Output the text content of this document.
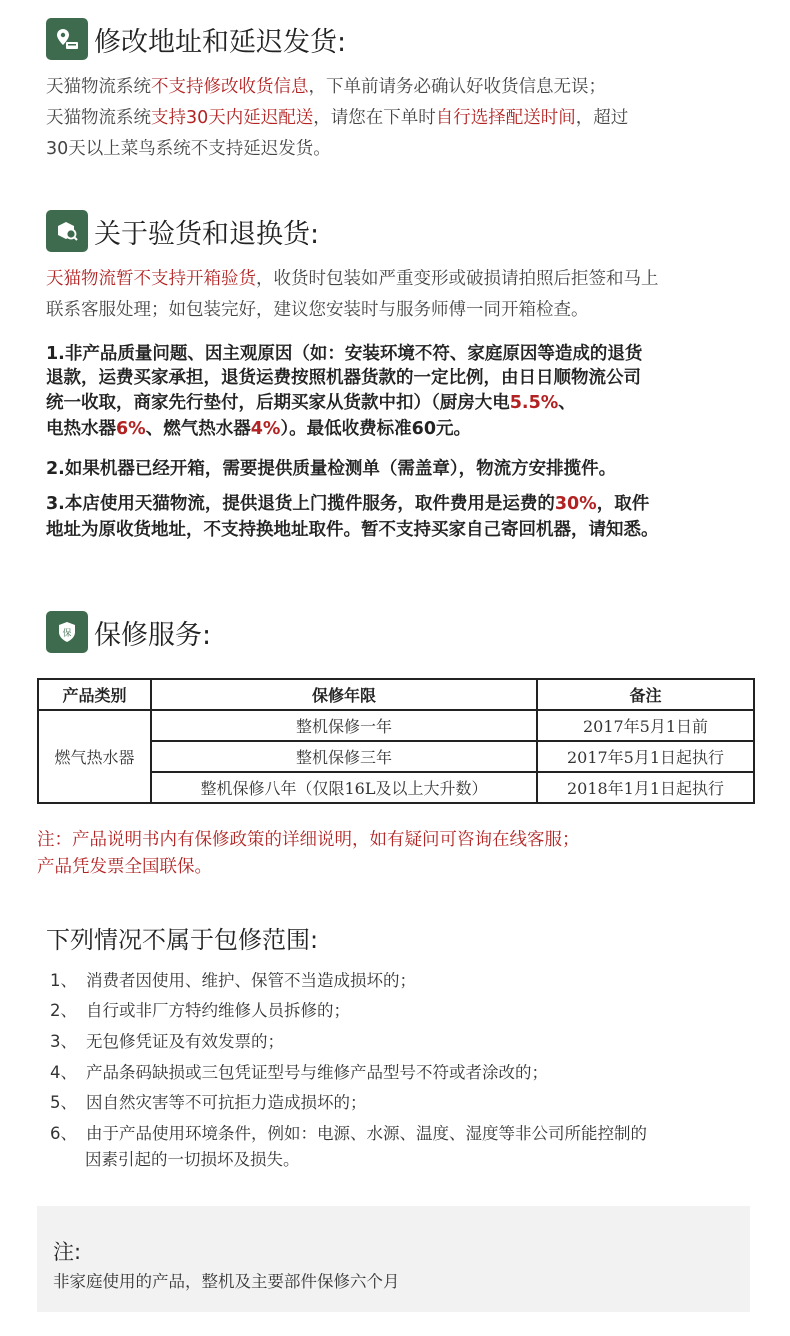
修改地址和延迟发货:
天猫物流系统不支持修改收货信息，下单前请务必确认好收货信息无误；
天猫物流系统支持30天内延迟配送，请您在下单时自行选择配送时间，超过
30天以上菜鸟系统不支持延迟发货。
关于验货和退换货:
天猫物流暂不支持开箱验货，收货时包装如严重变形或破损请拍照后拒签和马上
联系客服处理；如包装完好，建议您安装时与服务师傅一同开箱检查。
1.非产品质量问题、因主观原因（如：安装环境不符、家庭原因等造成的退货
退款，运费买家承担，退货运费按照机器货款的一定比例，由日日顺物流公司
统一收取，商家先行垫付，后期买家从货款中扣）（厨房大电5.5%、
电热水器6%、燃气热水器4%）。最低收费标准60元。
2.如果机器已经开箱，需要提供质量检测单（需盖章），物流方安排揽件。
3.本店使用天猫物流，提供退货上门揽件服务，取件费用是运费的30%，取件
地址为原收货地址，不支持换地址取件。暂不支持买家自己寄回机器，请知悉。
保 保修服务:
产品类别	保修年限	备注
燃气热水器	整机保修一年	2017年5月1日前
	整机保修三年	2017年5月1日起执行
	整机保修八年（仅限16L及以上大升数）	2018年1月1日起执行
注：产品说明书内有保修政策的详细说明，如有疑问可咨询在线客服；
产品凭发票全国联保。
下列情况不属于包修范围:
1、 消费者因使用、维护、保管不当造成损坏的；
2、 自行或非厂方特约维修人员拆修的；
3、 无包修凭证及有效发票的；
4、 产品条码缺损或三包凭证型号与维修产品型号不符或者涂改的；
5、 因自然灾害等不可抗拒力造成损坏的；
6、 由于产品使用环境条件，例如：电源、水源、温度、湿度等非公司所能控制的
因素引起的一切损坏及损失。
注:
非家庭使用的产品，整机及主要部件保修六个月
